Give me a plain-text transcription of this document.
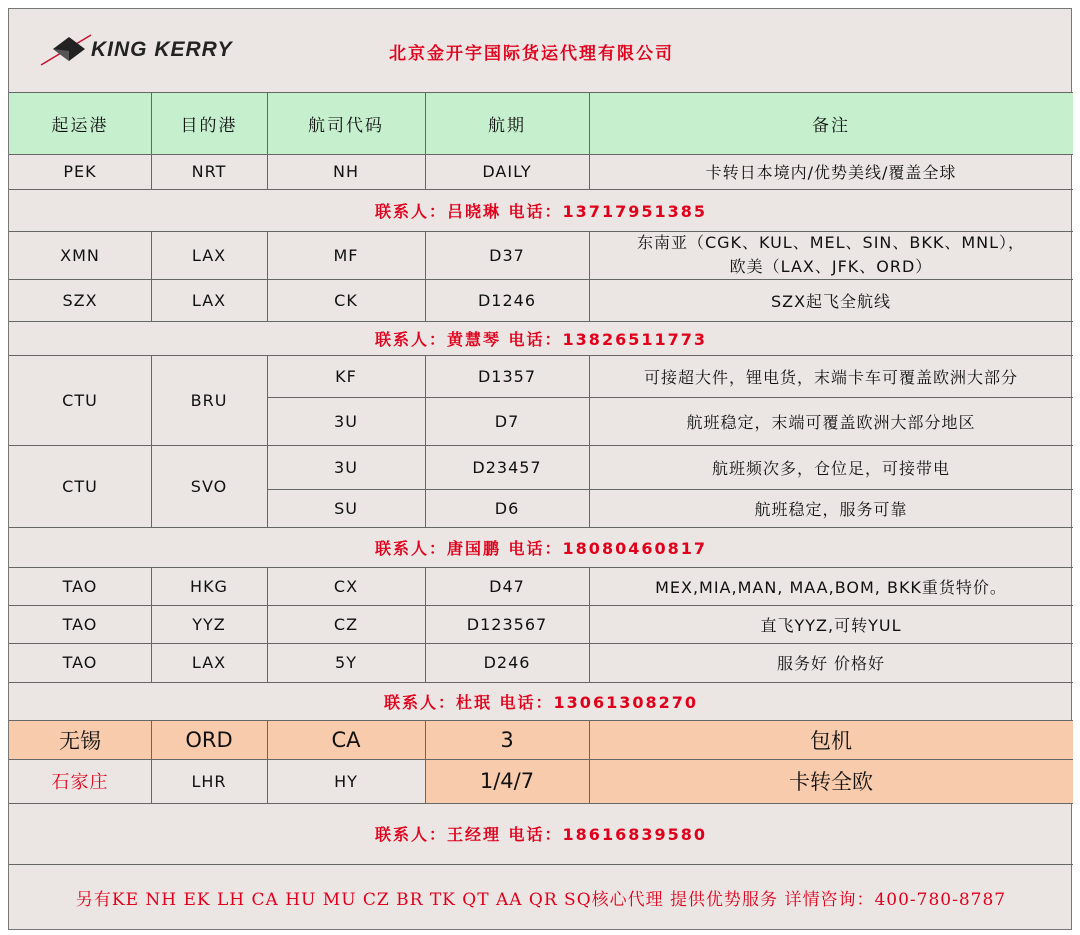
KING KERRY	北京金开宇国际货运代理有限公司
起运港	目的港	航司代码	航期	备注
PEK	NRT	NH	DAILY	卡转日本境内/优势美线/覆盖全球
联系人：吕晓琳 电话：13717951385
XMN	LAX	MF	D37
东南亚（CGK、KUL、MEL、SIN、BKK、MNL），
欧美（LAX、JFK、ORD）
SZX	LAX	CK	D1246	SZX起飞全航线
联系人：黄慧琴 电话：13826511773
CTU	BRU
KF	D1357	可接超大件，锂电货，末端卡车可覆盖欧洲大部分
3U	D7	航班稳定，末端可覆盖欧洲大部分地区
CTU	SVO
3U	D23457	航班频次多，仓位足，可接带电
SU	D6	航班稳定，服务可靠
联系人：唐国鹏 电话：18080460817
TAO	HKG	CX	D47	MEX,MIA,MAN, MAA,BOM, BKK重货特价。
TAO	YYZ	CZ	D123567	直飞YYZ,可转YUL
TAO	LAX	5Y	D246	服务好 价格好
联系人：杜珉 电话：13061308270
无锡	ORD	CA	3	包机
石家庄	LHR	HY	1/4/7	卡转全欧
联系人：王经理 电话：18616839580
另有KE NH EK LH CA HU MU CZ BR TK QT AA QR SQ核心代理 提供优势服务 详情咨询：400-780-8787
